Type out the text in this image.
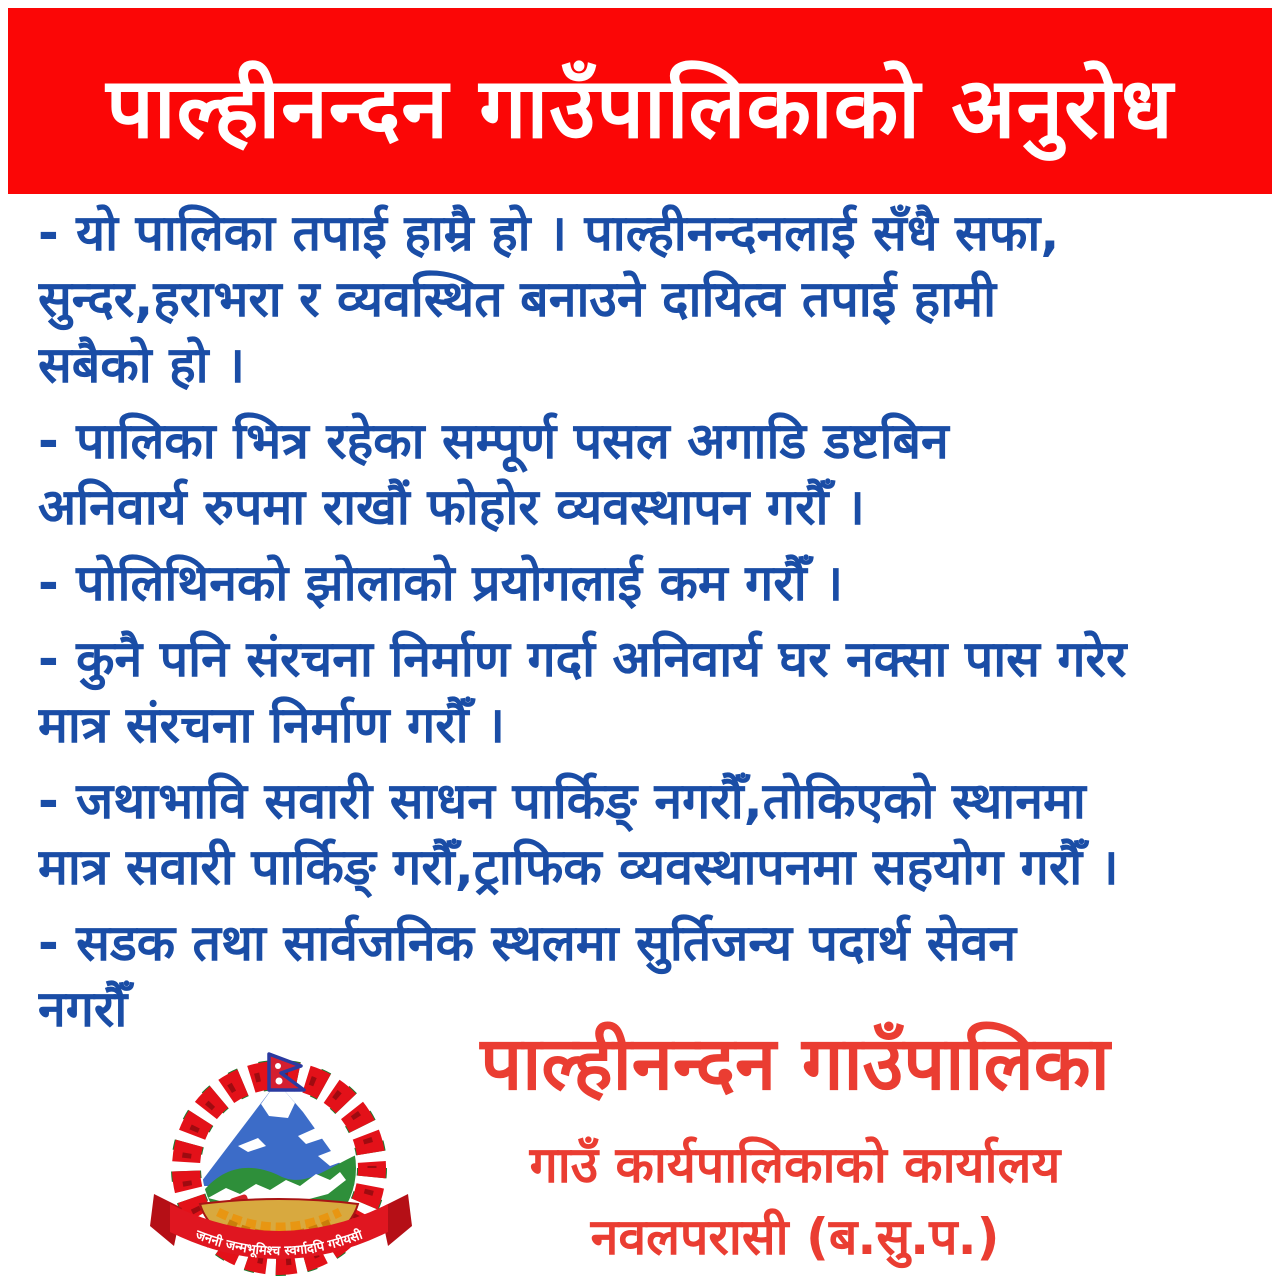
पाल्हीनन्दन गाउँपालिकाको अनुरोध
- यो पालिका तपाई हाम्रै हो । पाल्हीनन्दनलाई सँधै सफा,
सुन्दर,हराभरा र व्यवस्थित बनाउने दायित्व तपाई हामी
सबैको हो ।
- पालिका भित्र रहेका सम्पूर्ण पसल अगाडि डष्टबिन
अनिवार्य रुपमा राखौं फोहोर व्यवस्थापन गरौँ ।
- पोलिथिनको झोलाको प्रयोगलाई कम गरौँ ।
- कुनै पनि संरचना निर्माण गर्दा अनिवार्य घर नक्सा पास गरेर
मात्र संरचना निर्माण गरौँ ।
- जथाभावि सवारी साधन पार्किङ् नगरौँ,तोकिएको स्थानमा
मात्र सवारी पार्किङ् गरौँ,ट्राफिक व्यवस्थापनमा सहयोग गरौँ ।
- सडक तथा सार्वजनिक स्थलमा सुर्तिजन्य पदार्थ सेवन
नगरौँ
जननी जन्मभूमिश्च स्वर्गादपि गरीयसी
पाल्हीनन्दन गाउँपालिका
गाउँ कार्यपालिकाको कार्यालय
नवलपरासी (ब.सु.प.)
